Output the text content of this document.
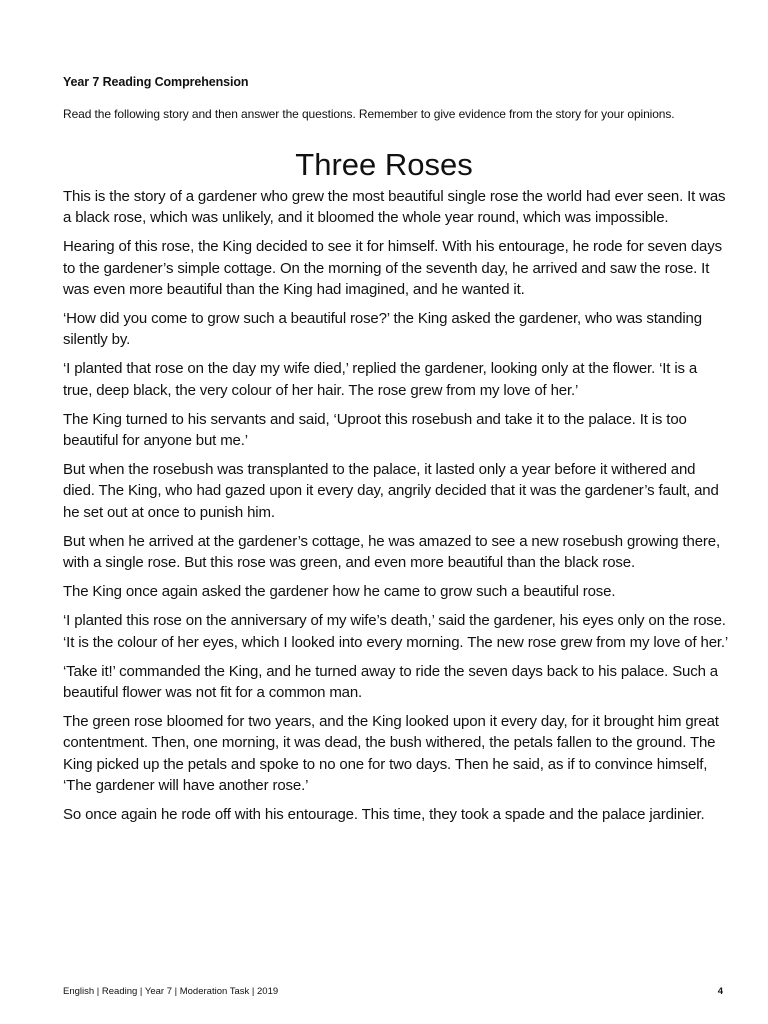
Year 7 Reading Comprehension
Read the following story and then answer the questions. Remember to give evidence from the story for your opinions.
Three Roses

This is the story of a gardener who grew the most beautiful single rose the world had ever seen. It was a black rose, which was unlikely, and it bloomed the whole year round, which was impossible.

Hearing of this rose, the King decided to see it for himself. With his entourage, he rode for seven days to the gardener’s simple cottage. On the morning of the seventh day, he arrived and saw the rose. It was even more beautiful than the King had imagined, and he wanted it.

‘How did you come to grow such a beautiful rose?’ the King asked the gardener, who was standing silently by.

‘I planted that rose on the day my wife died,’ replied the gardener, looking only at the flower. ‘It is a true, deep black, the very colour of her hair. The rose grew from my love of her.’

The King turned to his servants and said, ‘Uproot this rosebush and take it to the palace. It is too beautiful for anyone but me.’

But when the rosebush was transplanted to the palace, it lasted only a year before it withered and died. The King, who had gazed upon it every day, angrily decided that it was the gardener’s fault, and he set out at once to punish him.

But when he arrived at the gardener’s cottage, he was amazed to see a new rosebush growing there, with a single rose. But this rose was green, and even more beautiful than the black rose.

The King once again asked the gardener how he came to grow such a beautiful rose.

‘I planted this rose on the anniversary of my wife’s death,’ said the gardener, his eyes only on the rose. ‘It is the colour of her eyes, which I looked into every morning. The new rose grew from my love of her.’

‘Take it!’ commanded the King, and he turned away to ride the seven days back to his palace. Such a beautiful flower was not fit for a common man.

The green rose bloomed for two years, and the King looked upon it every day, for it brought him great contentment. Then, one morning, it was dead, the bush withered, the petals fallen to the ground. The King picked up the petals and spoke to no one for two days. Then he said, as if to convince himself, ‘The gardener will have another rose.’

So once again he rode off with his entourage. This time, they took a spade and the palace jardinier.

English | Reading | Year 7 | Moderation Task | 2019	4
